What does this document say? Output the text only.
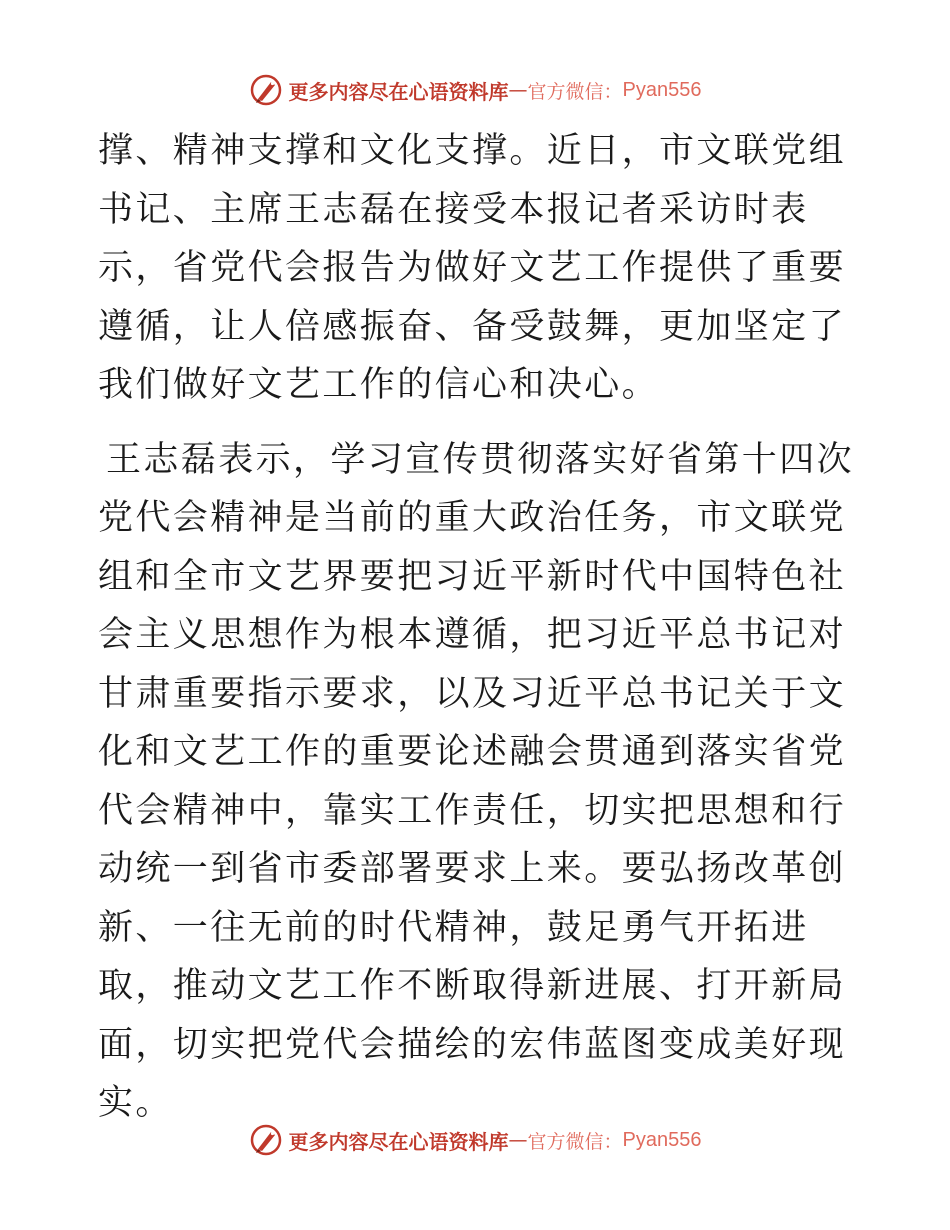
更多内容尽在心语资料库 — 官方微信： Pyan556

撑、精神支撑和文化支撑。近日，市文联党组书记、主席王志磊在接受本报记者采访时表示，省党代会报告为做好文艺工作提供了重要遵循，让人倍感振奋、备受鼓舞，更加坚定了我们做好文艺工作的信心和决心。

王志磊表示，学习宣传贯彻落实好省第十四次党代会精神是当前的重大政治任务，市文联党组和全市文艺界要把习近平新时代中国特色社会主义思想作为根本遵循，把习近平总书记对甘肃重要指示要求，以及习近平总书记关于文化和文艺工作的重要论述融会贯通到落实省党代会精神中，靠实工作责任，切实把思想和行动统一到省市委部署要求上来。要弘扬改革创新、一往无前的时代精神，鼓足勇气开拓进取，推动文艺工作不断取得新进展、打开新局面，切实把党代会描绘的宏伟蓝图变成美好现实。

更多内容尽在心语资料库 — 官方微信： Pyan556
